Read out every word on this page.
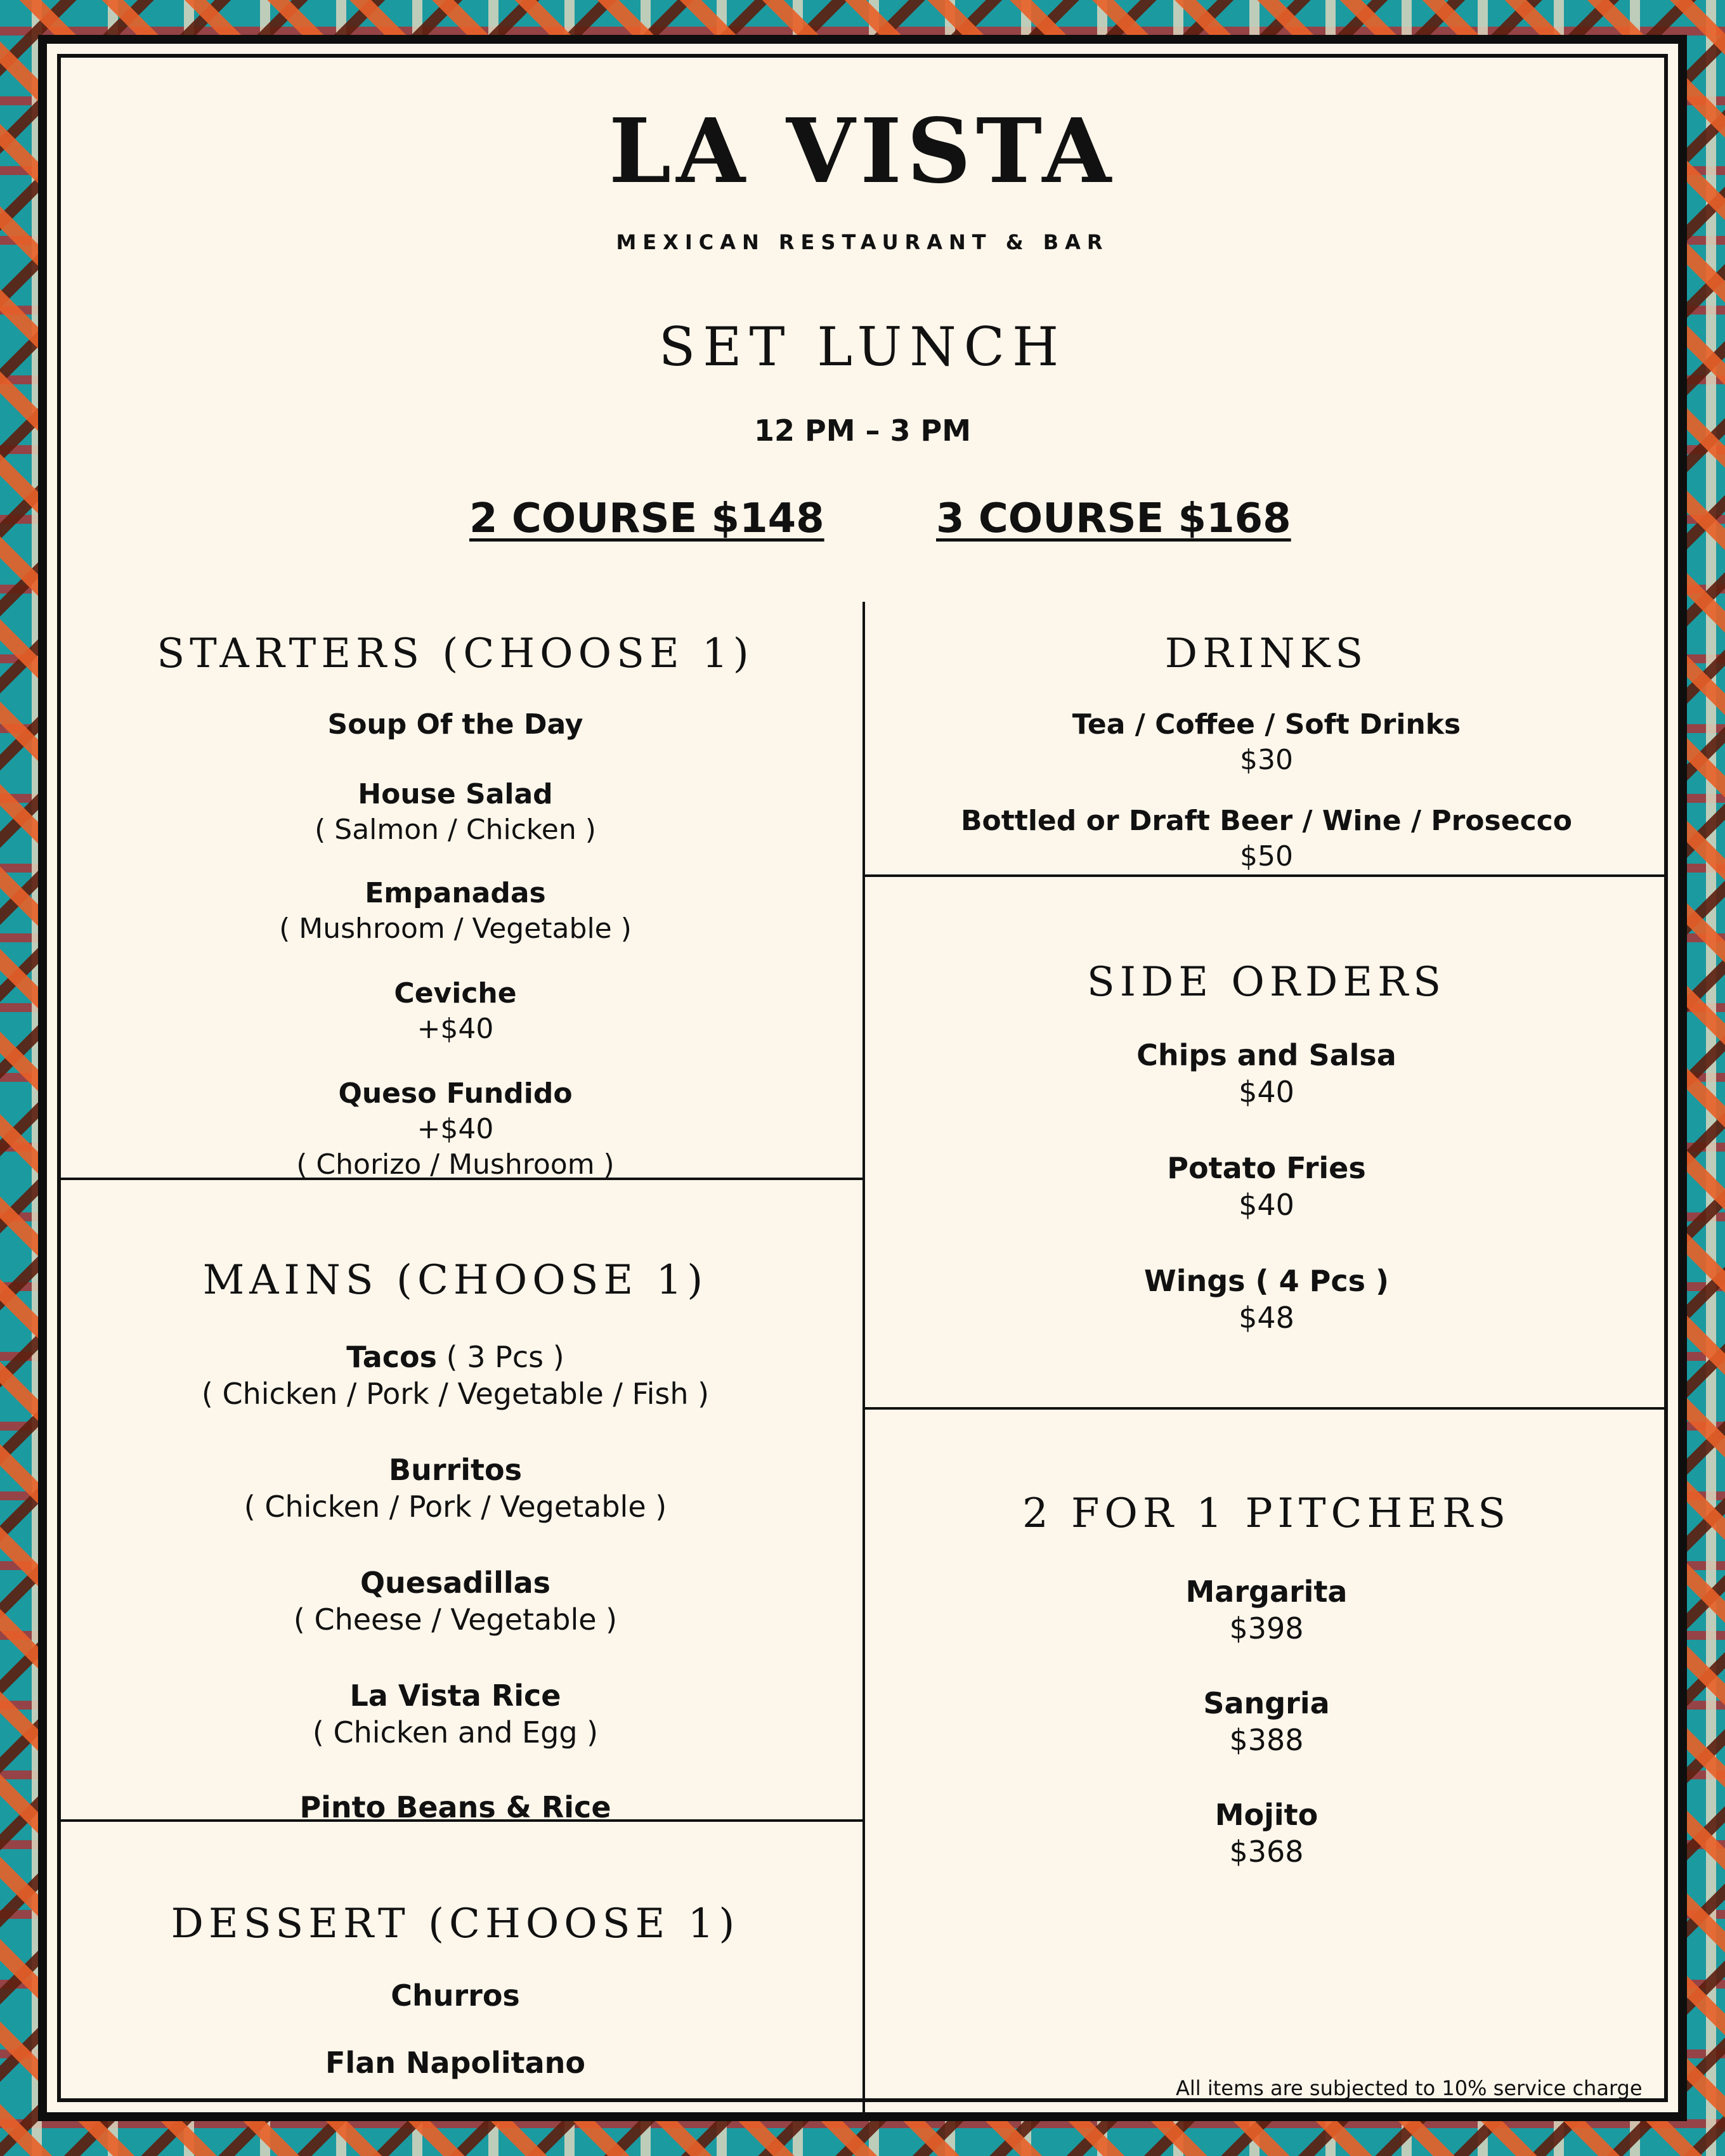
LA VISTA
MEXICAN RESTAURANT & BAR
SET LUNCH
12 PM – 3 PM
2 COURSE $148	3 COURSE $168
STARTERS (CHOOSE 1)
Soup Of the Day
House Salad
( Salmon / Chicken )
Empanadas
( Mushroom / Vegetable )
Ceviche
+$40
Queso Fundido
+$40
( Chorizo / Mushroom )
MAINS (CHOOSE 1)
Tacos ( 3 Pcs )
( Chicken / Pork / Vegetable / Fish )
Burritos
( Chicken / Pork / Vegetable )
Quesadillas
( Cheese / Vegetable )
La Vista Rice
( Chicken and Egg )
Pinto Beans & Rice
DESSERT (CHOOSE 1)
Churros
Flan Napolitano
DRINKS
Tea / Coffee / Soft Drinks
$30
Bottled or Draft Beer / Wine / Prosecco
$50
SIDE ORDERS
Chips and Salsa
$40
Potato Fries
$40
Wings ( 4 Pcs )
$48
2 FOR 1 PITCHERS
Margarita
$398
Sangria
$388
Mojito
$368
All items are subjected to 10% service charge
